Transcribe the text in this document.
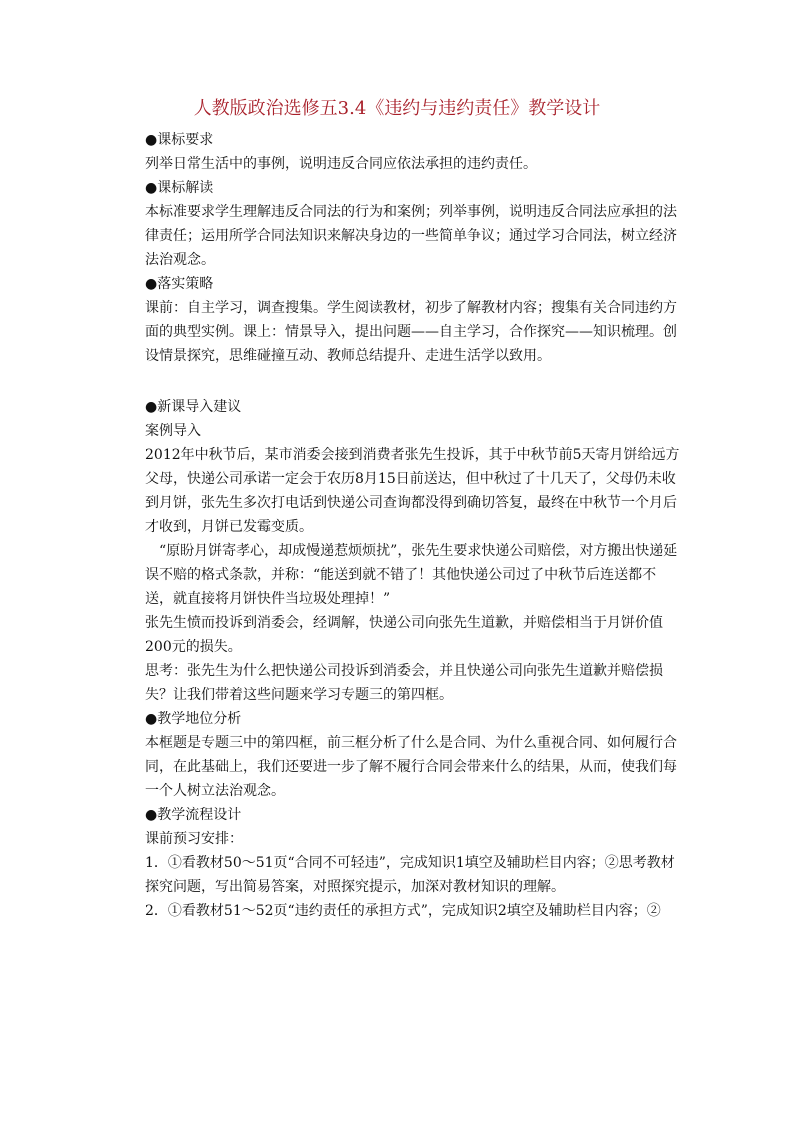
人教版政治选修五3.4《违约与违约责任》教学设计

●课标要求

列举日常生活中的事例，说明违反合同应依法承担的违约责任。

●课标解读

本标准要求学生理解违反合同法的行为和案例；列举事例，说明违反合同法应承担的法律责任；运用所学合同法知识来解决身边的一些简单争议；通过学习合同法，树立经济法治观念。

●落实策略

课前：自主学习，调查搜集。学生阅读教材，初步了解教材内容；搜集有关合同违约方面的典型实例。课上：情景导入，提出问题——自主学习，合作探究——知识梳理。创设情景探究，思维碰撞互动、教师总结提升、走进生活学以致用。

●新课导入建议

案例导入

2012年中秋节后，某市消委会接到消费者张先生投诉，其于中秋节前5天寄月饼给远方父母，快递公司承诺一定会于农历8月15日前送达，但中秋过了十几天了，父母仍未收到月饼，张先生多次打电话到快递公司查询都没得到确切答复，最终在中秋节一个月后才收到，月饼已发霉变质。

“原盼月饼寄孝心，却成慢递惹烦烦扰”，张先生要求快递公司赔偿，对方搬出快递延误不赔的格式条款，并称：“能送到就不错了！其他快递公司过了中秋节后连送都不送，就直接将月饼快件当垃圾处理掉！”

张先生愤而投诉到消委会，经调解，快递公司向张先生道歉，并赔偿相当于月饼价值200元的损失。

思考：张先生为什么把快递公司投诉到消委会，并且快递公司向张先生道歉并赔偿损失？让我们带着这些问题来学习专题三的第四框。

●教学地位分析

本框题是专题三中的第四框，前三框分析了什么是合同、为什么重视合同、如何履行合同，在此基础上，我们还要进一步了解不履行合同会带来什么的结果，从而，使我们每一个人树立法治观念。

●教学流程设计

课前预习安排：

1．①看教材50～51页“合同不可轻违”，完成知识1填空及辅助栏目内容；②思考教材探究问题，写出简易答案，对照探究提示，加深对教材知识的理解。

2．①看教材51～52页“违约责任的承担方式”，完成知识2填空及辅助栏目内容；②
